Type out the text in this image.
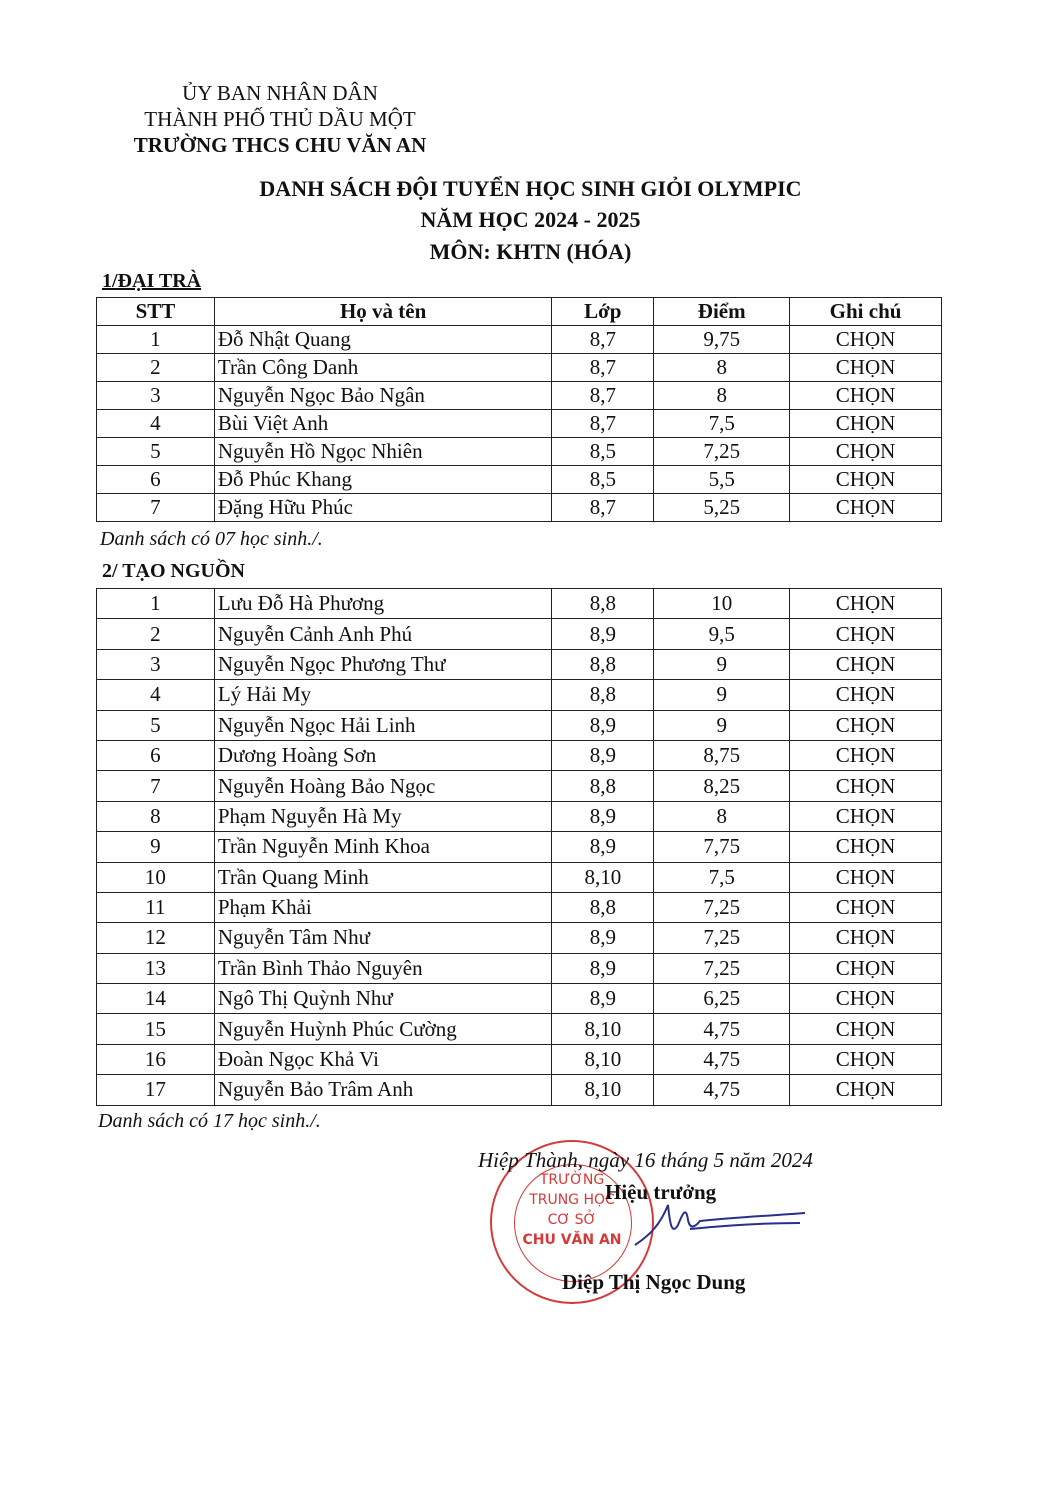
ỦY BAN NHÂN DÂN
THÀNH PHỐ THỦ DẦU MỘT
TRƯỜNG THCS CHU VĂN AN
DANH SÁCH ĐỘI TUYỂN HỌC SINH GIỎI OLYMPIC
NĂM HỌC 2024 - 2025
MÔN: KHTN (HÓA)
1/ĐẠI TRÀ
STT	Họ và tên	Lớp	Điểm	Ghi chú
1	Đỗ Nhật Quang	8,7	9,75	CHỌN
2	Trần Công Danh	8,7	8	CHỌN
3	Nguyễn Ngọc Bảo Ngân	8,7	8	CHỌN
4	Bùi Việt Anh	8,7	7,5	CHỌN
5	Nguyễn Hồ Ngọc Nhiên	8,5	7,25	CHỌN
6	Đỗ Phúc Khang	8,5	5,5	CHỌN
7	Đặng Hữu Phúc	8,7	5,25	CHỌN
Danh sách có 07 học sinh./.
2/ TẠO NGUỒN
1	Lưu Đỗ Hà Phương	8,8	10	CHỌN
2	Nguyễn Cảnh Anh Phú	8,9	9,5	CHỌN
3	Nguyễn Ngọc Phương Thư	8,8	9	CHỌN
4	Lý Hải My	8,8	9	CHỌN
5	Nguyễn Ngọc Hải Linh	8,9	9	CHỌN
6	Dương Hoàng Sơn	8,9	8,75	CHỌN
7	Nguyễn Hoàng Bảo Ngọc	8,8	8,25	CHỌN
8	Phạm Nguyễn Hà My	8,9	8	CHỌN
9	Trần Nguyễn Minh Khoa	8,9	7,75	CHỌN
10	Trần Quang Minh	8,10	7,5	CHỌN
11	Phạm Khải	8,8	7,25	CHỌN
12	Nguyễn Tâm Như	8,9	7,25	CHỌN
13	Trần Bình Thảo Nguyên	8,9	7,25	CHỌN
14	Ngô Thị Quỳnh Như	8,9	6,25	CHỌN
15	Nguyễn Huỳnh Phúc Cường	8,10	4,75	CHỌN
16	Đoàn Ngọc Khả Vi	8,10	4,75	CHỌN
17	Nguyễn Bảo Trâm Anh	8,10	4,75	CHỌN
Danh sách có 17 học sinh./.
TRƯỜNG
TRUNG HỌC
CƠ SỞ
CHU VĂN AN
Hiệp Thành, ngày 16 tháng 5 năm 2024
Hiệu trưởng
Diệp Thị Ngọc Dung
